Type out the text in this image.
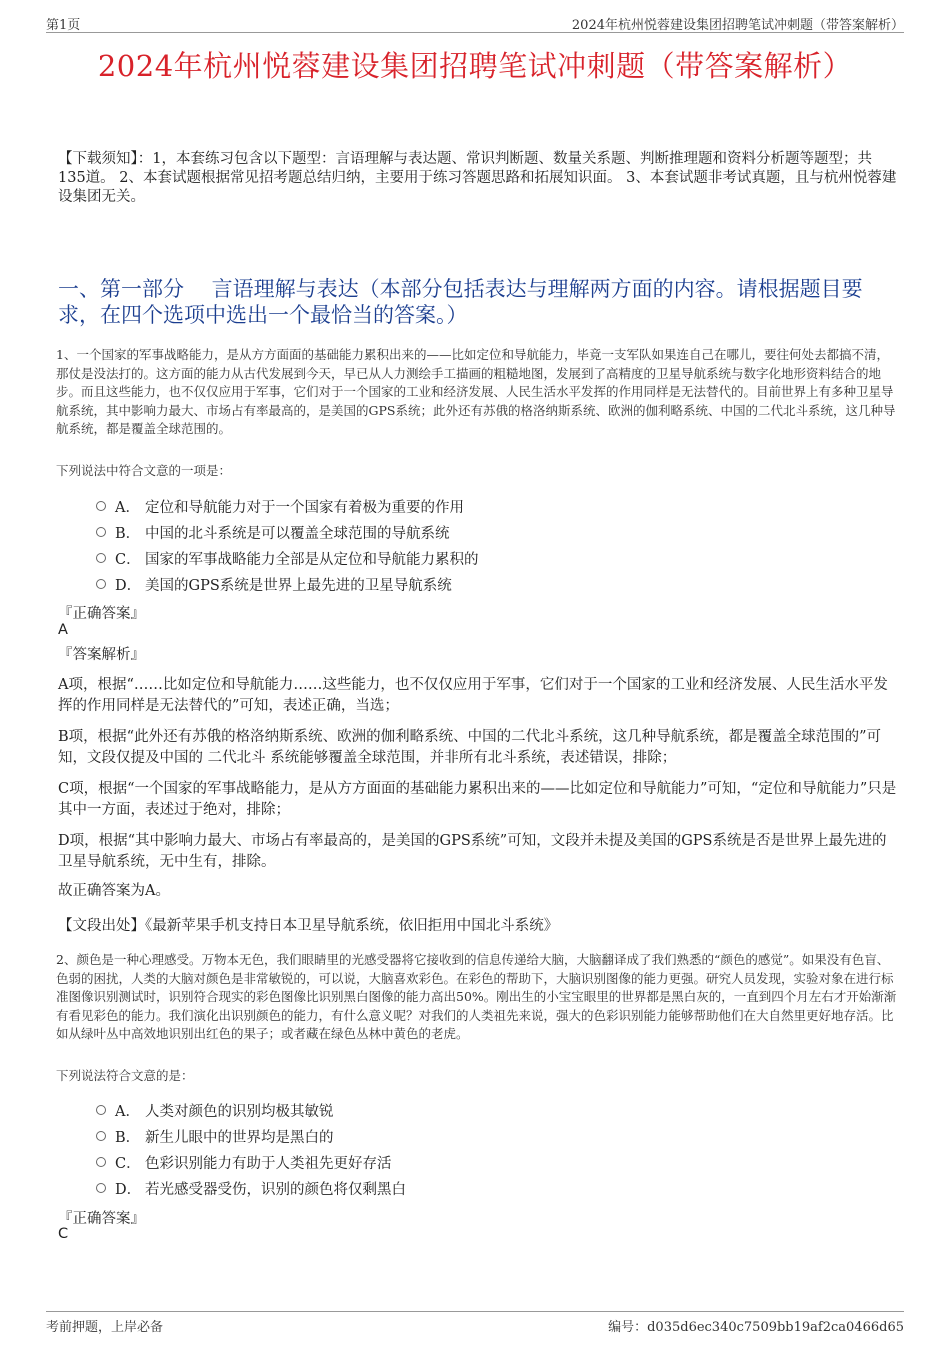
第1页	2024年杭州悦蓉建设集团招聘笔试冲刺题（带答案解析）
2024年杭州悦蓉建设集团招聘笔试冲刺题（带答案解析）
【下载须知】：1，本套练习包含以下题型：言语理解与表达题、常识判断题、数量关系题、判断推理题和资料分析题等题型；共135道。 2、本套试题根据常见招考题总结归纳，主要用于练习答题思路和拓展知识面。 3、本套试题非考试真题，且与杭州悦蓉建设集团无关。
一、第一部分　 言语理解与表达（本部分包括表达与理解两方面的内容。请根据题目要求，在四个选项中选出一个最恰当的答案。）

1、一个国家的军事战略能力，是从方方面面的基础能力累积出来的——比如定位和导航能力，毕竟一支军队如果连自己在哪儿，要往何处去都搞不清，那仗是没法打的。这方面的能力从古代发展到今天，早已从人力测绘手工描画的粗糙地图，发展到了高精度的卫星导航系统与数字化地形资料结合的地步。而且这些能力，也不仅仅应用于军事，它们对于一个国家的工业和经济发展、人民生活水平发挥的作用同样是无法替代的。目前世界上有多种卫星导航系统，其中影响力最大、市场占有率最高的，是美国的GPS系统；此外还有苏俄的格洛纳斯系统、欧洲的伽利略系统、中国的二代北斗系统，这几种导航系统，都是覆盖全球范围的。

下列说法中符合文意的一项是：

A． 定位和导航能力对于一个国家有着极为重要的作用
B． 中国的北斗系统是可以覆盖全球范围的导航系统
C． 国家的军事战略能力全部是从定位和导航能力累积的
D． 美国的GPS系统是世界上最先进的卫星导航系统
『正确答案』
A
『答案解析』

A项，根据“……比如定位和导航能力……这些能力，也不仅仅应用于军事，它们对于一个国家的工业和经济发展、人民生活水平发挥的作用同样是无法替代的”可知，表述正确，当选；

B项，根据“此外还有苏俄的格洛纳斯系统、欧洲的伽利略系统、中国的二代北斗系统，这几种导航系统，都是覆盖全球范围的”可知，文段仅提及中国的 二代北斗 系统能够覆盖全球范围，并非所有北斗系统，表述错误，排除；

C项，根据“一个国家的军事战略能力，是从方方面面的基础能力累积出来的——比如定位和导航能力”可知，“定位和导航能力”只是其中一方面，表述过于绝对，排除；

D项，根据“其中影响力最大、市场占有率最高的，是美国的GPS系统”可知，文段并未提及美国的GPS系统是否是世界上最先进的卫星导航系统，无中生有，排除。

故正确答案为A。

【文段出处】《最新苹果手机支持日本卫星导航系统，依旧拒用中国北斗系统》

2、颜色是一种心理感受。万物本无色，我们眼睛里的光感受器将它接收到的信息传递给大脑，大脑翻译成了我们熟悉的“颜色的感觉”。如果没有色盲、色弱的困扰，人类的大脑对颜色是非常敏锐的，可以说，大脑喜欢彩色。在彩色的帮助下，大脑识别图像的能力更强。研究人员发现，实验对象在进行标准图像识别测试时，识别符合现实的彩色图像比识别黑白图像的能力高出50%。刚出生的小宝宝眼里的世界都是黑白灰的，一直到四个月左右才开始渐渐有看见彩色的能力。我们演化出识别颜色的能力，有什么意义呢？对我们的人类祖先来说，强大的色彩识别能力能够帮助他们在大自然里更好地存活。比如从绿叶丛中高效地识别出红色的果子；或者藏在绿色丛林中黄色的老虎。

下列说法符合文意的是：

A． 人类对颜色的识别均极其敏锐
B． 新生儿眼中的世界均是黑白的
C． 色彩识别能力有助于人类祖先更好存活
D． 若光感受器受伤，识别的颜色将仅剩黑白
『正确答案』
C
考前押题，上岸必备	编号：d035d6ec340c7509bb19af2ca0466d65
